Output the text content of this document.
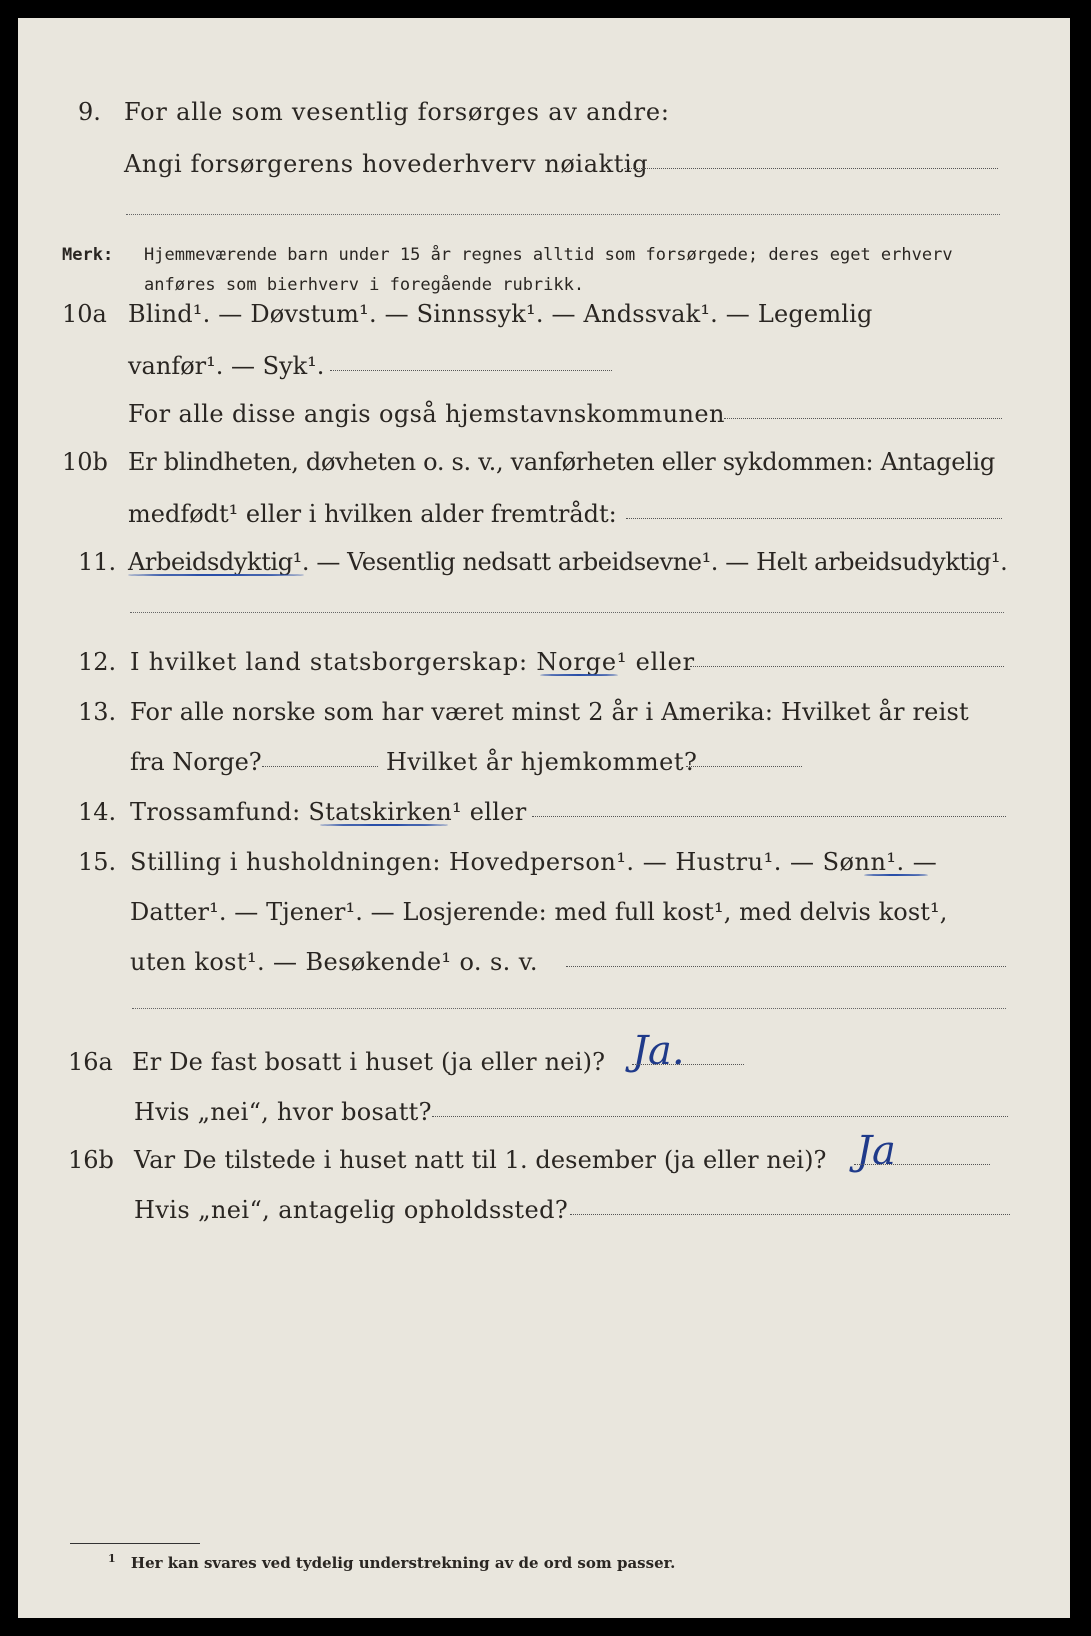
9. For alle som vesentlig forsørges av andre:
Angi forsørgerens hovederhverv nøiaktig
Merk: Hjemmeværende barn under 15 år regnes alltid som forsørgede; deres eget erhverv
anføres som bierhverv i foregående rubrikk.
10a Blind¹. — Døvstum¹. — Sinnssyk¹. — Andssvak¹. — Legemlig
vanfør¹. — Syk¹.
For alle disse angis også hjemstavnskommunen
10b Er blindheten, døvheten o. s. v., vanførheten eller sykdommen: Antagelig
medfødt¹ eller i hvilken alder fremtrådt:
11. Arbeidsdyktig¹. — Vesentlig nedsatt arbeidsevne¹. — Helt arbeidsudyktig¹.
12. I hvilket land statsborgerskap: Norge¹ eller
13. For alle norske som har været minst 2 år i Amerika: Hvilket år reist
fra Norge?	Hvilket år hjemkommet?
14. Trossamfund: Statskirken¹ eller
15. Stilling i husholdningen: Hovedperson¹. — Hustru¹. — Sønn¹. —
Datter¹. — Tjener¹. — Losjerende: med full kost¹, med delvis kost¹,
uten kost¹. — Besøkende¹ o. s. v.
16a Er De fast bosatt i huset (ja eller nei)? Ja.
Hvis „nei“, hvor bosatt?
16b Var De tilstede i huset natt til 1. desember (ja eller nei)? Ja
Hvis „nei“, antagelig opholdssted?
$^1$ Her kan svares ved tydelig understrekning av de ord som passer.
